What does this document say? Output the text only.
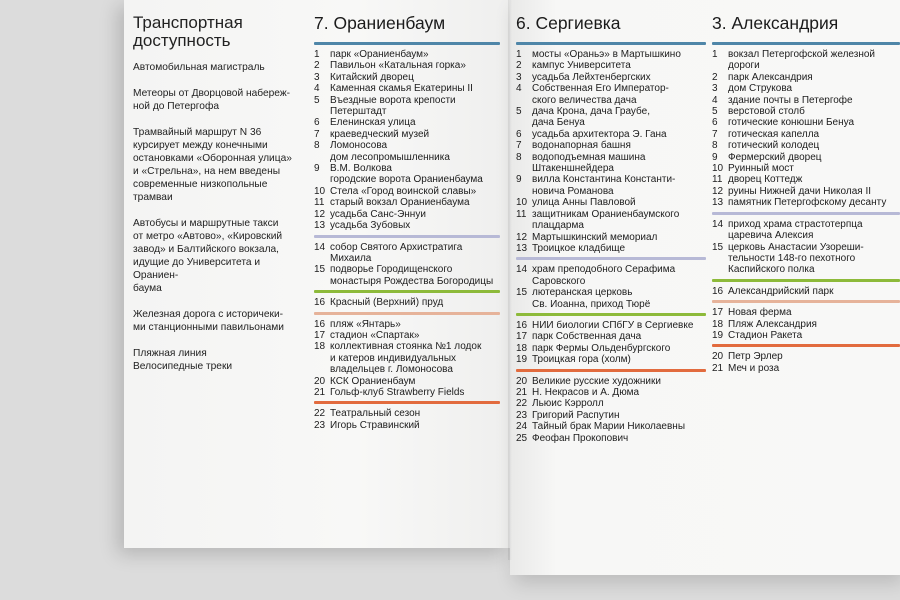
Транспортная
доступность
Автомобильная магистраль
Метеоры от Дворцовой набереж-
ной до Петергофа
Трамвайный маршрут N 36
курсирует между конечными
остановками «Оборонная улица»
и «Стрельна», на нем введены
современные низкопольные
трамваи
Автобусы и маршрутные такси
от метро «Автово», «Кировский
завод» и Балтийского вокзала,
идущие до Университета и Ораниен-
баума
Железная дорога с историчеки-
ми станционными павильонами
Пляжная линия
Велосипедные треки
7. Ораниенбаум
1	парк «Ораниенбаум»
2	Павильон «Катальная горка»
3	Китайский дворец
4	Каменная скамья Екатерины II
5	Въездные ворота крепости
Петерштадт
6	Еленинская улица
7	краеведческий музей
8	Ломоносова
дом лесопромышленника
9	В.М. Волкова
городские ворота Ораниенбаума
10 Стела «Город воинской славы»
11 старый вокзал Ораниенбаума
12 усадьба Санс-Эннуи
13 усадьба Зубовых
14 собор Святого Архистратига
Михаила
15 подворье Городищенского
монастыря Рождества Богородицы
16 Красный (Верхний) пруд
16 пляж «Янтарь»
17 стадион «Спартак»
18 коллективная стоянка №1 лодок
и катеров индивидуальных
владельцев г. Ломоносова
20 КСК Ораниенбаум
21 Гольф-клуб Strawberry Fields
22 Театральный сезон
23 Игорь Стравинский
6. Сергиевка
1	мосты «Ораньэ» в Мартышкино
2	кампус Университета
3	усадьба Лейхтенбергских
4	Собственная Его Император-
ского величества дача
5	дача Крона, дача Граубе,
дача Бенуа
6	усадьба архитектора Э. Гана
7	водонапорная башня
8	водоподъемная машина
Штакеншнейдера
9	вилла Константина Константи-
новича Романова
10 улица Анны Павловой
11 защитникам Ораниенбаумского
плацдарма
12 Мартышкинский мемориал
13 Троицкое кладбище
14 храм преподобного Серафима
Саровского
15 лютеранская церковь
Св. Иоанна, приход Тюрё
16 НИИ биологии СПбГУ в Сергиевке
17 парк Собственная дача
18 парк Фермы Ольденбургского
19 Троицкая гора (холм)
20 Великие русские художники
21 Н. Некрасов и А. Дюма
22 Льюис Кэрролл
23 Григорий Распутин
24 Тайный брак Марии Николаевны
25 Феофан Прокопович
3. Александрия
1	вокзал Петергофской железной
дороги
2	парк Александрия
3	дом Струкова
4	здание почты в Петергофе
5	верстовой столб
6	готические конюшни Бенуа
7	готическая капелла
8	готический колодец
9	Фермерский дворец
10 Руинный мост
11 дворец Коттедж
12 руины Нижней дачи Николая II
13 памятник Петергофскому десанту
14 приход храма страстотерпца
царевича Алексия
15 церковь Анастасии Узореши-
тельности 148-го пехотного
Каспийского полка
16 Александрийский парк
17 Новая ферма
18 Пляж Александрия
19 Стадион Ракета
20 Петр Эрлер
21 Меч и роза
